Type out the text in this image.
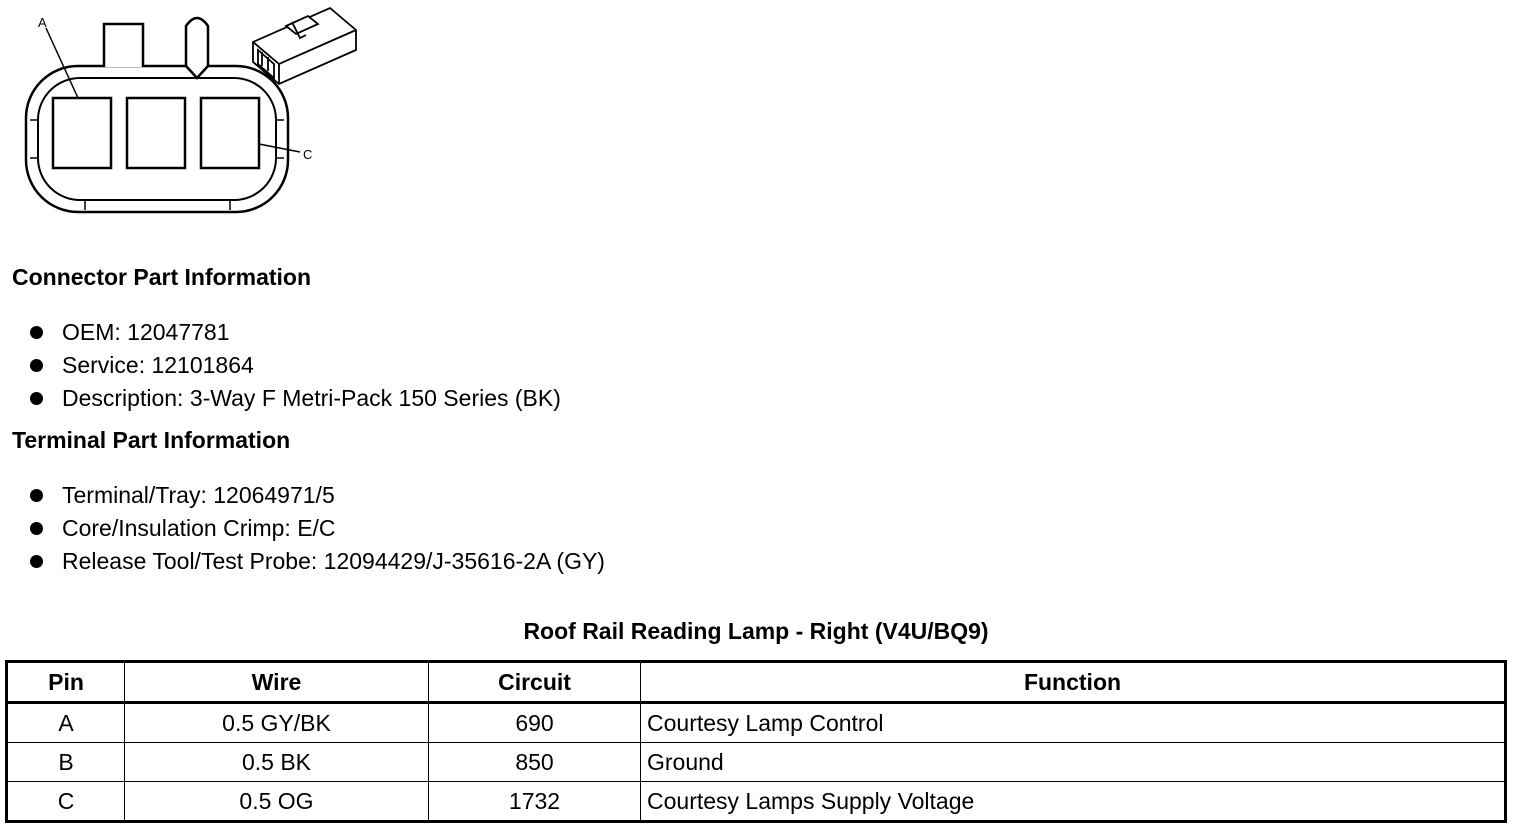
A
C
Connector Part Information
OEM: 12047781
Service: 12101864
Description: 3-Way F Metri-Pack 150 Series (BK)
Terminal Part Information
Terminal/Tray: 12064971/5
Core/Insulation Crimp: E/C
Release Tool/Test Probe: 12094429/J-35616-2A (GY)
Roof Rail Reading Lamp - Right (V4U/BQ9)
Pin	Wire	Circuit	Function
A	0.5 GY/BK	690	Courtesy Lamp Control
B	0.5 BK	850	Ground
C	0.5 OG	1732	Courtesy Lamps Supply Voltage
